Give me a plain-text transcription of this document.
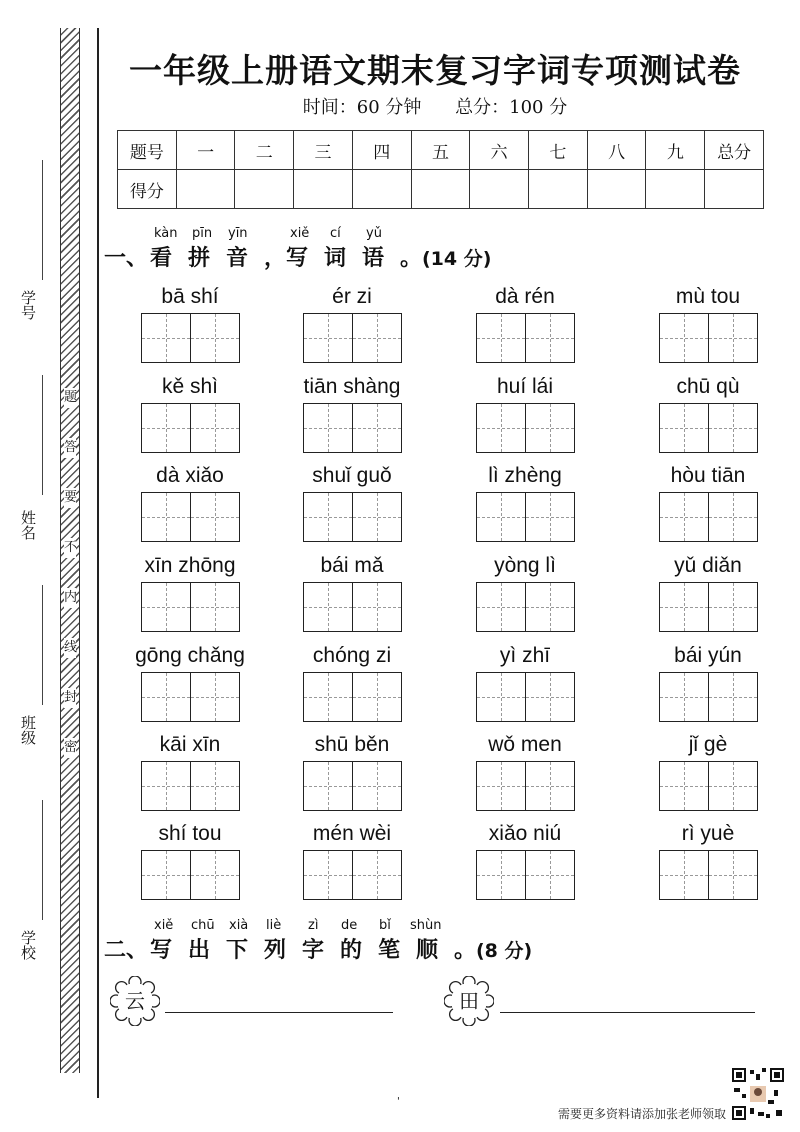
学号
姓名
班级
学校
题
答
要
不
内
线
封
密
一年级上册语文期末复习字词专项测试卷
时间：60 分钟 总分：100 分
题号	一	二	三	四	五	六	七	八	九	总分
得分										
kàn pīn yīn	xiě cí yǔ
一、看 拼 音 ，写 词 语 。(14 分)
bā shí	ér zi	dà rén	mù tou
kě shì	tiān shàng	huí lái	chū qù
dà xiǎo	shuǐ guǒ	lì zhèng	hòu tiān
xīn zhōng	bái mǎ	yòng lì	yǔ diǎn
gōng chǎng	chóng zi	yì zhī	bái yún
kāi xīn	shū běn	wǒ men	jǐ gè
shí tou	mén wèi	xiǎo niú	rì yuè
xiě chū xià liè zì de bǐ shùn
二、写 出 下 列 字 的 笔 顺 。(8 分)
云	田
'
需要更多资料请添加张老师领取
